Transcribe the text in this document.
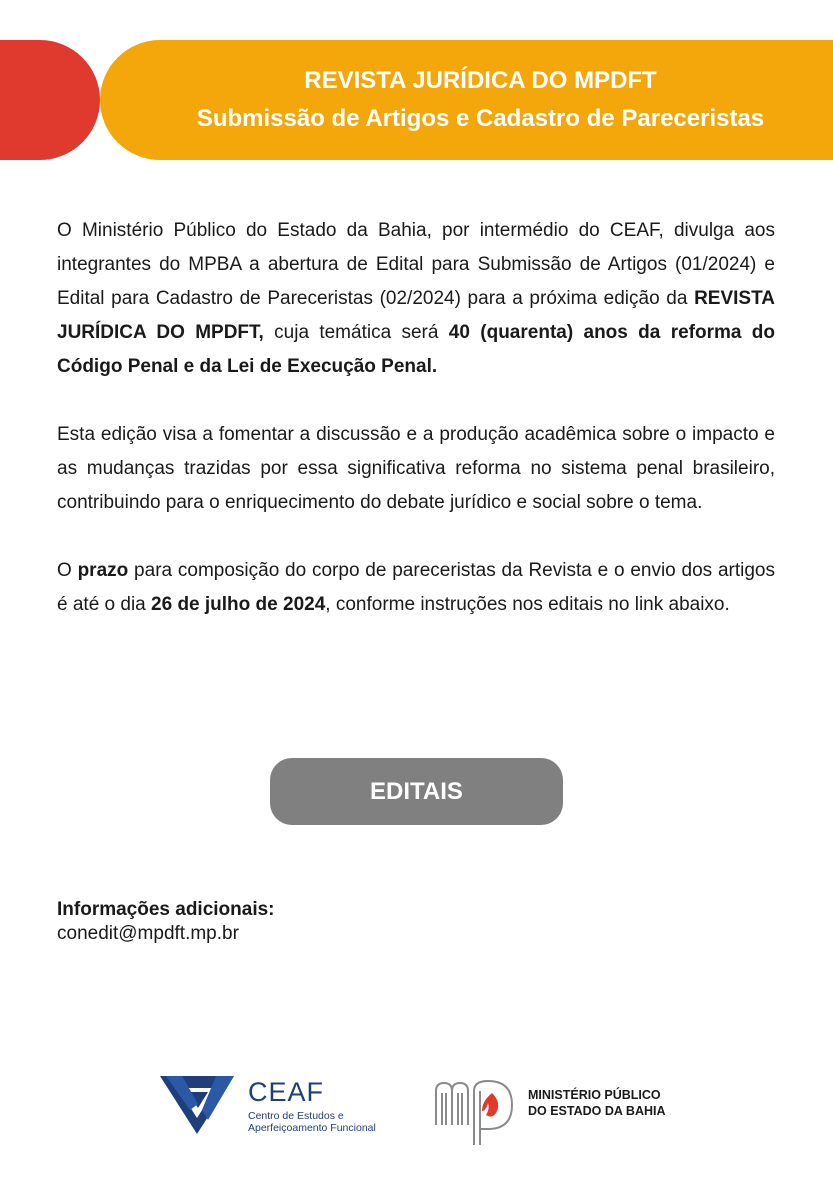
REVISTA JURÍDICA DO MPDFT
Submissão de Artigos e Cadastro de Pareceristas

O Ministério Público do Estado da Bahia, por intermédio do CEAF, divulga aos integrantes do MPBA a abertura de Edital para Submissão de Artigos (01/2024) e Edital para Cadastro de Pareceristas (02/2024) para a próxima edição da REVISTA JURÍDICA DO MPDFT, cuja temática será 40 (quarenta) anos da reforma do Código Penal e da Lei de Execução Penal.

Esta edição visa a fomentar a discussão e a produção acadêmica sobre o impacto e as mudanças trazidas por essa significativa reforma no sistema penal brasileiro, contribuindo para o enriquecimento do debate jurídico e social sobre o tema.

O prazo para composição do corpo de pareceristas da Revista e o envio dos artigos é até o dia 26 de julho de 2024, conforme instruções nos editais no link abaixo.

EDITAIS
Informações adicionais:
conedit@mpdft.mp.br
CEAF
Centro de Estudos e
Aperfeiçoamento Funcional
MINISTÉRIO PÚBLICO
DO ESTADO DA BAHIA
